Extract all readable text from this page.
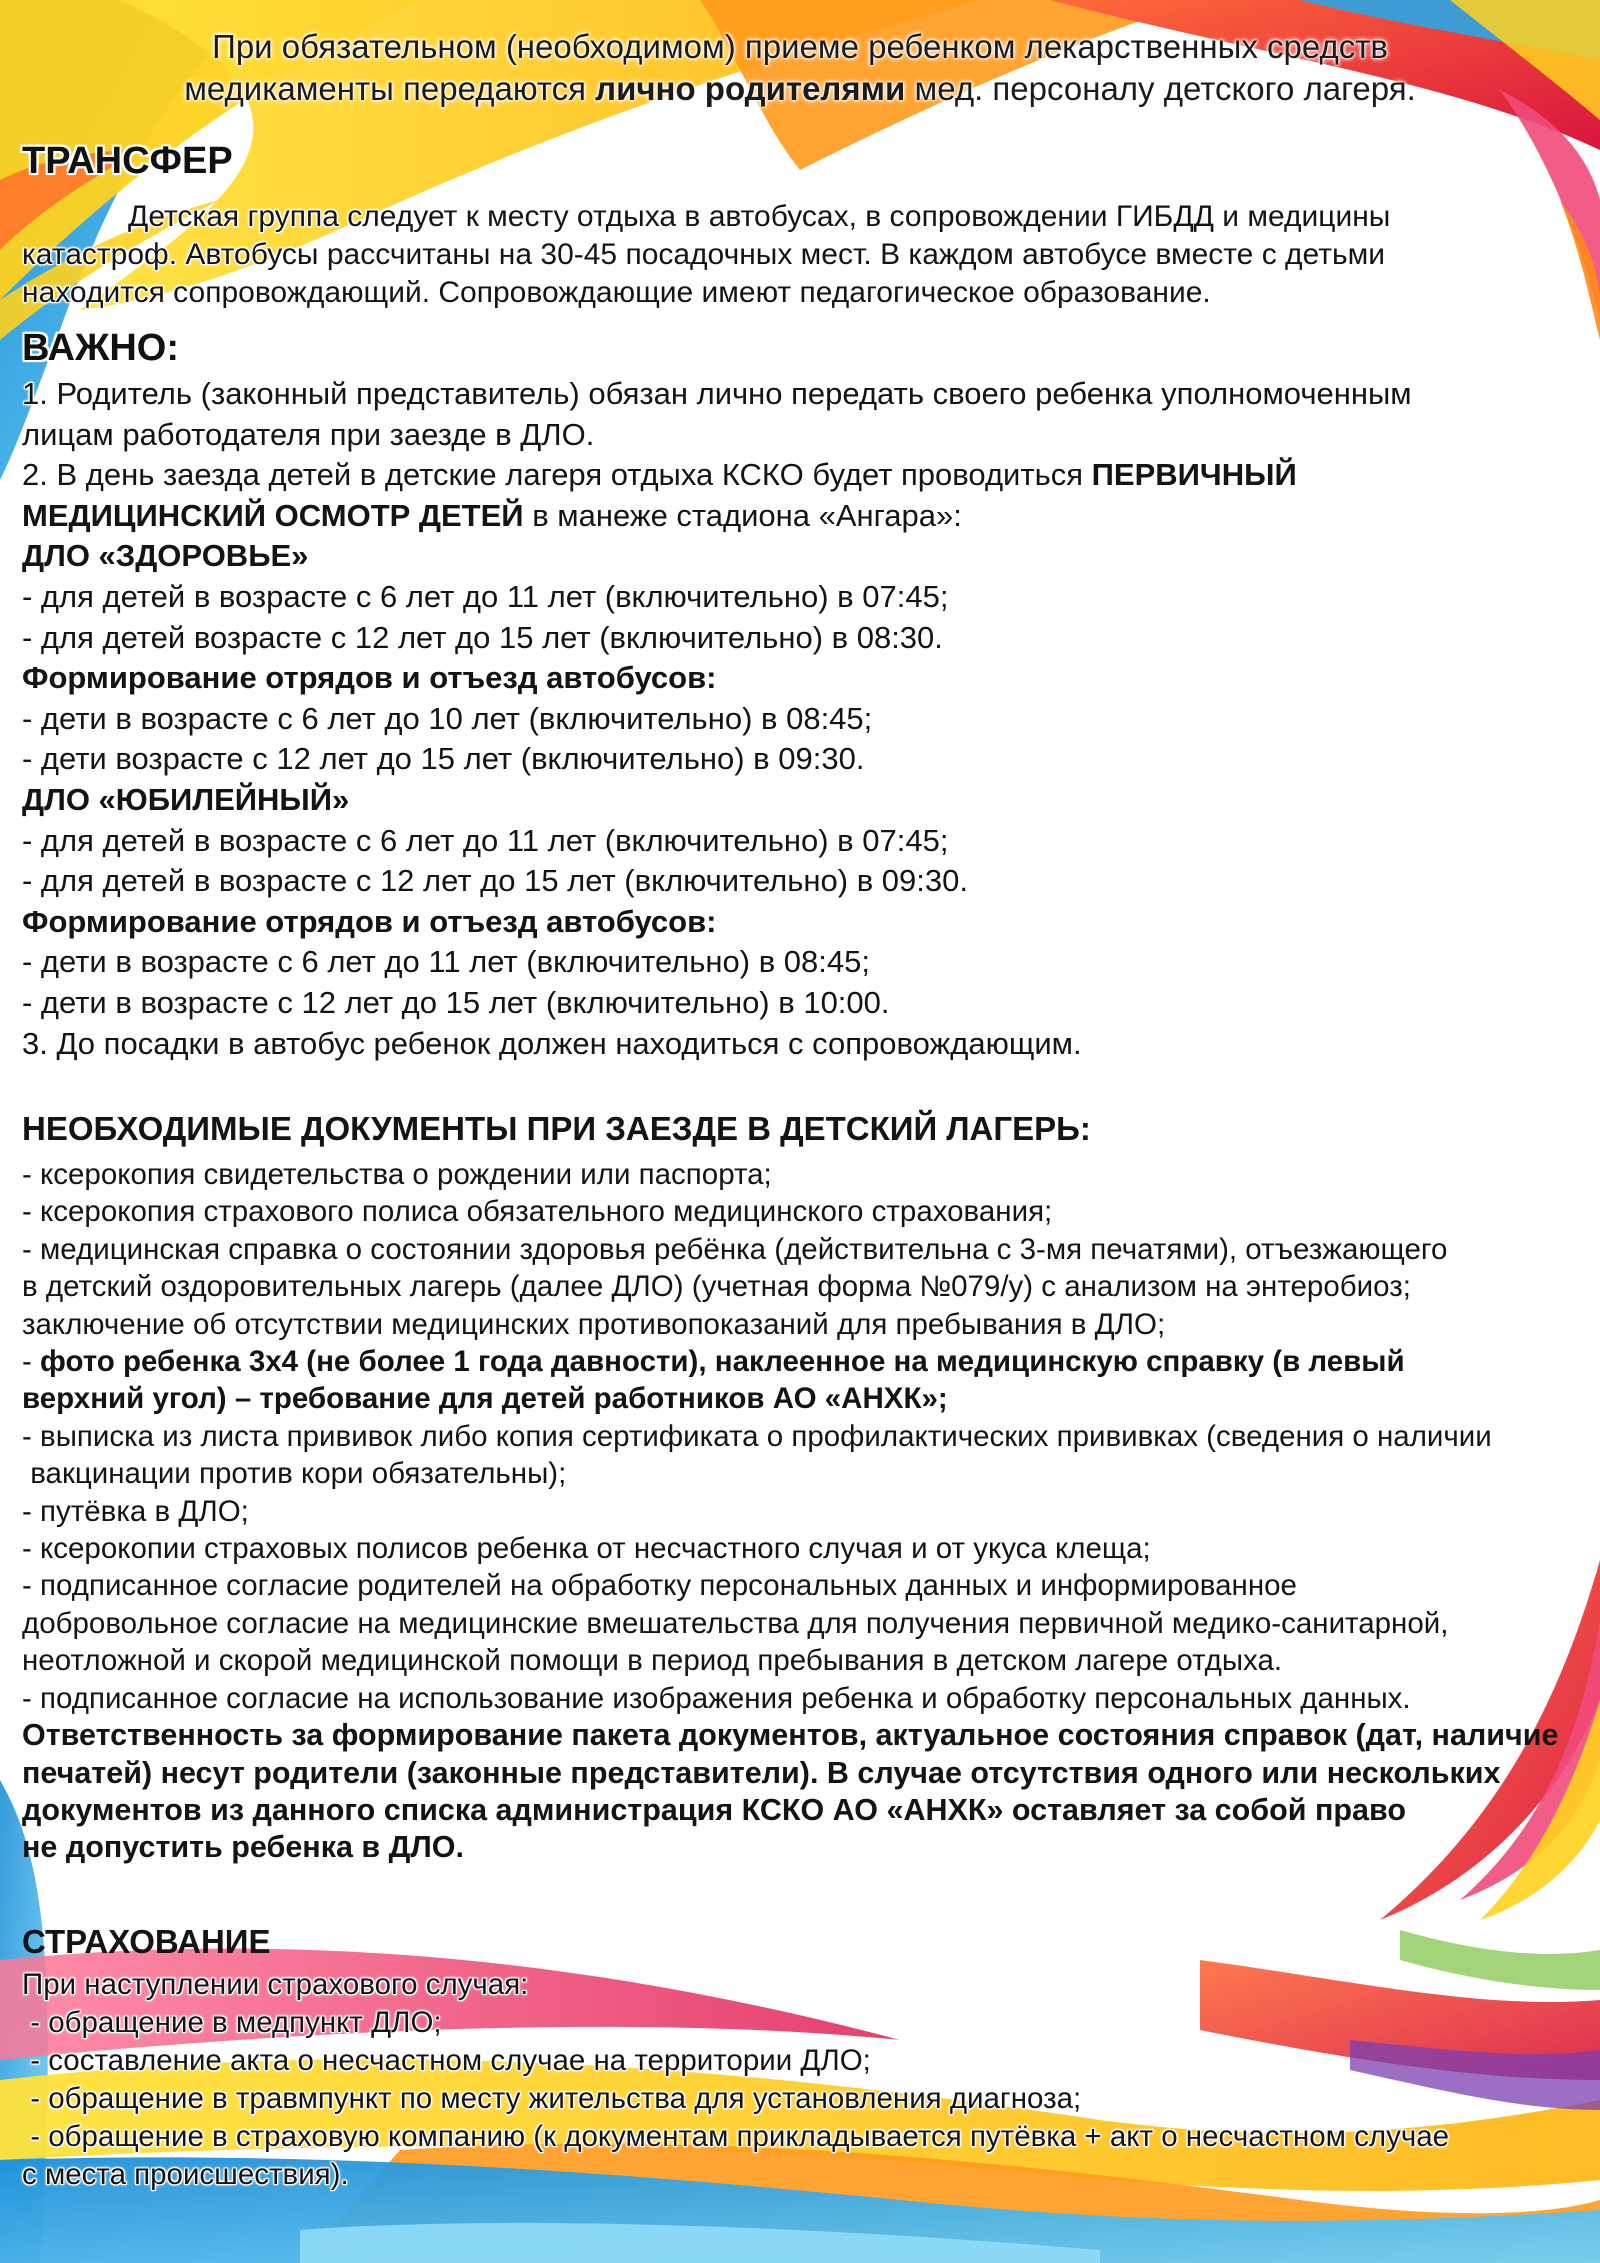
При обязательном (необходимом) приеме ребенком лекарственных средств

медикаменты передаются лично родителями мед. персоналу детского лагеря.

ТРАНСФЕР

Детская группа следует к месту отдыха в автобусах, в сопровождении ГИБДД и медицины

катастроф. Автобусы рассчитаны на 30-45 посадочных мест. В каждом автобусе вместе с детьми

находится сопровождающий. Сопровождающие имеют педагогическое образование.

ВАЖНО:

1. Родитель (законный представитель) обязан лично передать своего ребенка уполномоченным

лицам работодателя при заезде в ДЛО.

2. В день заезда детей в детские лагеря отдыха КСКО будет проводиться ПЕРВИЧНЫЙ

МЕДИЦИНСКИЙ ОСМОТР ДЕТЕЙ в манеже стадиона «Ангара»:

ДЛО «ЗДОРОВЬЕ»

- для детей в возрасте с 6 лет до 11 лет (включительно) в 07:45;

- для детей возрасте с 12 лет до 15 лет (включительно) в 08:30.

Формирование отрядов и отъезд автобусов:

- дети в возрасте с 6 лет до 10 лет (включительно) в 08:45;

- дети возрасте с 12 лет до 15 лет (включительно) в 09:30.

ДЛО «ЮБИЛЕЙНЫЙ»

- для детей в возрасте с 6 лет до 11 лет (включительно) в 07:45;

- для детей в возрасте с 12 лет до 15 лет (включительно) в 09:30.

Формирование отрядов и отъезд автобусов:

- дети в возрасте с 6 лет до 11 лет (включительно) в 08:45;

- дети в возрасте с 12 лет до 15 лет (включительно) в 10:00.

3. До посадки в автобус ребенок должен находиться с сопровождающим.

НЕОБХОДИМЫЕ ДОКУМЕНТЫ ПРИ ЗАЕЗДЕ В ДЕТСКИЙ ЛАГЕРЬ:

- ксерокопия свидетельства о рождении или паспорта;

- ксерокопия страхового полиса обязательного медицинского страхования;

- медицинская справка о состоянии здоровья ребёнка (действительна с 3-мя печатями), отъезжающего

в детский оздоровительных лагерь (далее ДЛО) (учетная форма №079/у) с анализом на энтеробиоз;

заключение об отсутствии медицинских противопоказаний для пребывания в ДЛО;

- фото ребенка 3х4 (не более 1 года давности), наклеенное на медицинскую справку (в левый

верхний угол) – требование для детей работников АО «АНХК»;

- выписка из листа прививок либо копия сертификата о профилактических прививках (сведения о наличии

вакцинации против кори обязательны);

- путёвка в ДЛО;

- ксерокопии страховых полисов ребенка от несчастного случая и от укуса клеща;

- подписанное согласие родителей на обработку персональных данных и информированное

добровольное согласие на медицинские вмешательства для получения первичной медико-санитарной,

неотложной и скорой медицинской помощи в период пребывания в детском лагере отдыха.

- подписанное согласие на использование изображения ребенка и обработку персональных данных.

Ответственность за формирование пакета документов, актуальное состояния справок (дат, наличие

печатей) несут родители (законные представители). В случае отсутствия одного или нескольких

документов из данного списка администрация КСКО АО «АНХК» оставляет за собой право

не допустить ребенка в ДЛО.

СТРАХОВАНИЕ

При наступлении страхового случая:

- обращение в медпункт ДЛО;

- составление акта о несчастном случае на территории ДЛО;

- обращение в травмпункт по месту жительства для установления диагноза;

- обращение в страховую компанию (к документам прикладывается путёвка + акт о несчастном случае

с места происшествия).
